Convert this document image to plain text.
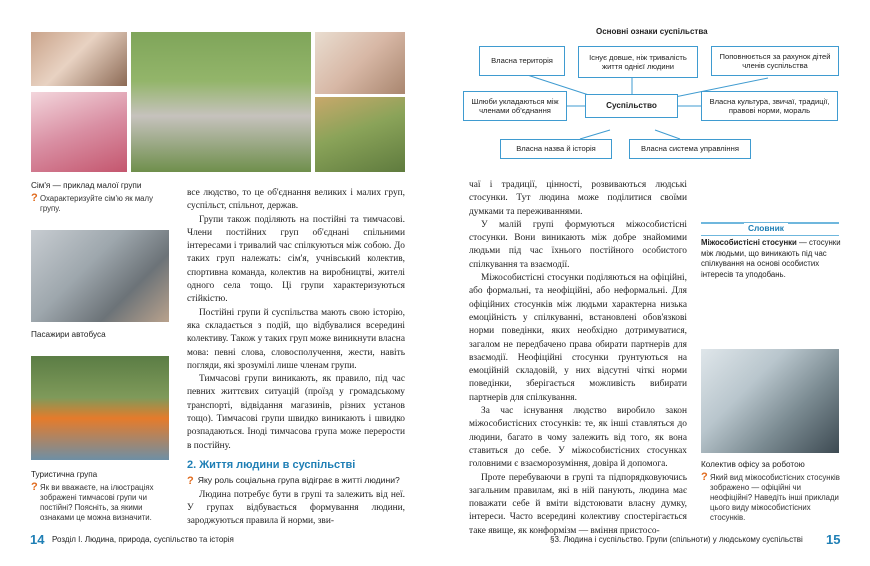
Сім'я — приклад малої групи
? Охарактеризуйте сім'ю як малу групу.
Пасажири автобуса
Туристична група
? Як ви вважаєте, на ілюстраціях зображені тимчасові групи чи постійні? Поясніть, за якими ознаками це можна визначити.

все людство, то це об'єднання великих і малих груп, суспільст, спільнот, держав.

Групи також поділяють на постійні та тимчасові. Члени постійних груп об'єднані спільними інтересами і тривалий час спілкуються між собою. До таких груп належать: сім'я, учнівський колектив, спортивна команда, колектив на виробництві, жителі одного села тощо. Ці групи характеризуються стійкістю.

Постійні групи й суспільства мають свою історію, яка складається з подій, що відбувалися всередині колективу. Також у таких груп може виникнути власна мова: певні слова, словосполучення, жести, навіть погляди, які зрозумілі лише членам групи.

Тимчасові групи виникають, як правило, під час певних життєвих ситуацій (проїзд у громадському транспорті, відвідання магазинів, різних установ тощо). Тимчасові групи швидко виникають і швидко розпадаються. Іноді тимчасова група може перерости в постійну.

2. Життя людини в суспільстві
? Яку роль соціальна група відіграє в житті людини?

Людина потребує бути в групі та залежить від неї. У групах відбувається формування людини, зароджуються правила й норми, зви-

14 Розділ І. Людина, природа, суспільство та історія
Основні ознаки суспільства
Власна територія	Існує довше, ніж тривалість життя однієї людини
Поповнюється за рахунок дітей членів суспільства
Шлюби укладаються між членами об'єднання
Суспільство
Власна культура, звичаї, традиції, правові норми, мораль
Власна назва й історія	Власна система управління

чаї і традиції, цінності, розвиваються людські стосунки. Тут людина може поділитися своїми думками та переживаннями.

У малій групі формуються міжособистісні стосунки. Вони виникають між добре знайомими людьми під час їхнього постійного особистого спілкування та взаємодії.

Міжособистісні стосунки поділяються на офіційні, або формальні, та неофіційні, або неформальні. Для офіційних стосунків між людьми характерна низька емоційність у спілкуванні, встановлені обов'язкові норми поведінки, яких необхідно дотримуватися, загалом не передбачено права обирати партнерів для взаємодії. Неофіційні стосунки ґрунтуються на емоційній складовій, у них відсутні чіткі норми поведінки, зберігається можливість вибирати партнерів для спілкування.

За час існування людство виробило закон міжособистісних стосунків: те, як інші ставляться до людини, багато в чому залежить від того, як вона ставиться до себе. У міжособистісних стосунках головними є взаєморозуміння, довіра й допомога.

Проте перебуваючи в групі та підпорядковуючись загальним правилам, які в ній панують, людина має поважати себе й вміти відстоювати власну думку, інтереси. Часто всередині колективу спостерігається таке явище, як конформізм — вміння пристосо-

Словник
Міжособистісні стосунки — стосунки між людьми, що виникають під час спілкування на основі особистих інтересів та уподобань.
Колектив офісу за роботою
? Який вид міжособистісних стосунків зображено — офіційні чи неофіційні? Наведіть інші приклади цього виду міжособистісних стосунків.
§3. Людина і суспільство. Групи (спільноти) у людському суспільстві 15
